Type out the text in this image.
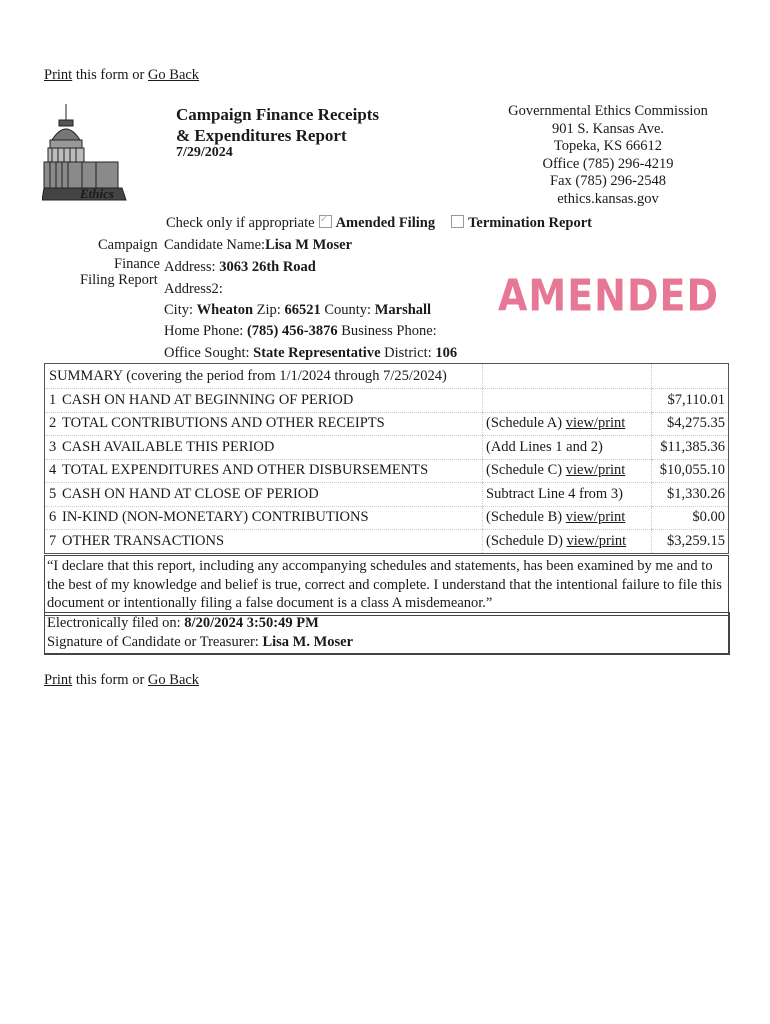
Print this form or Go Back
Ethics
Campaign Finance Receipts
& Expenditures Report
7/29/2024
Governmental Ethics Commission
901 S. Kansas Ave.
Topeka, KS 66612
Office (785) 296-4219
Fax (785) 296-2548
ethics.kansas.gov
Check only if appropriate ✓ Amended Filing Termination Report
Campaign
Finance
Filing Report
Candidate Name:Lisa M Moser
Address: 3063 26th Road
Address2:
City: Wheaton Zip: 66521 County: Marshall
Home Phone: (785) 456-3876 Business Phone:
Office Sought: State Representative District: 106
AMENDED
SUMMARY (covering the period from 1/1/2024 through 7/25/2024)			
1	CASH ON HAND AT BEGINNING OF PERIOD		$7,110.01
2	TOTAL CONTRIBUTIONS AND OTHER RECEIPTS	(Schedule A) view/print	$4,275.35
3	CASH AVAILABLE THIS PERIOD	(Add Lines 1 and 2)	$11,385.36
4	TOTAL EXPENDITURES AND OTHER DISBURSEMENTS	(Schedule C) view/print	$10,055.10
5	CASH ON HAND AT CLOSE OF PERIOD	Subtract Line 4 from 3)	$1,330.26
6	IN-KIND (NON-MONETARY) CONTRIBUTIONS	(Schedule B) view/print	$0.00
7	OTHER TRANSACTIONS	(Schedule D) view/print	$3,259.15
“I declare that this report, including any accompanying schedules and statements, has been examined by me and to the best of my knowledge and belief is true, correct and complete. I understand that the intentional failure to file this document or intentionally filing a false document is a class A misdemeanor.”
Electronically filed on: 8/20/2024 3:50:49 PM
Signature of Candidate or Treasurer: Lisa M. Moser
Print this form or Go Back
